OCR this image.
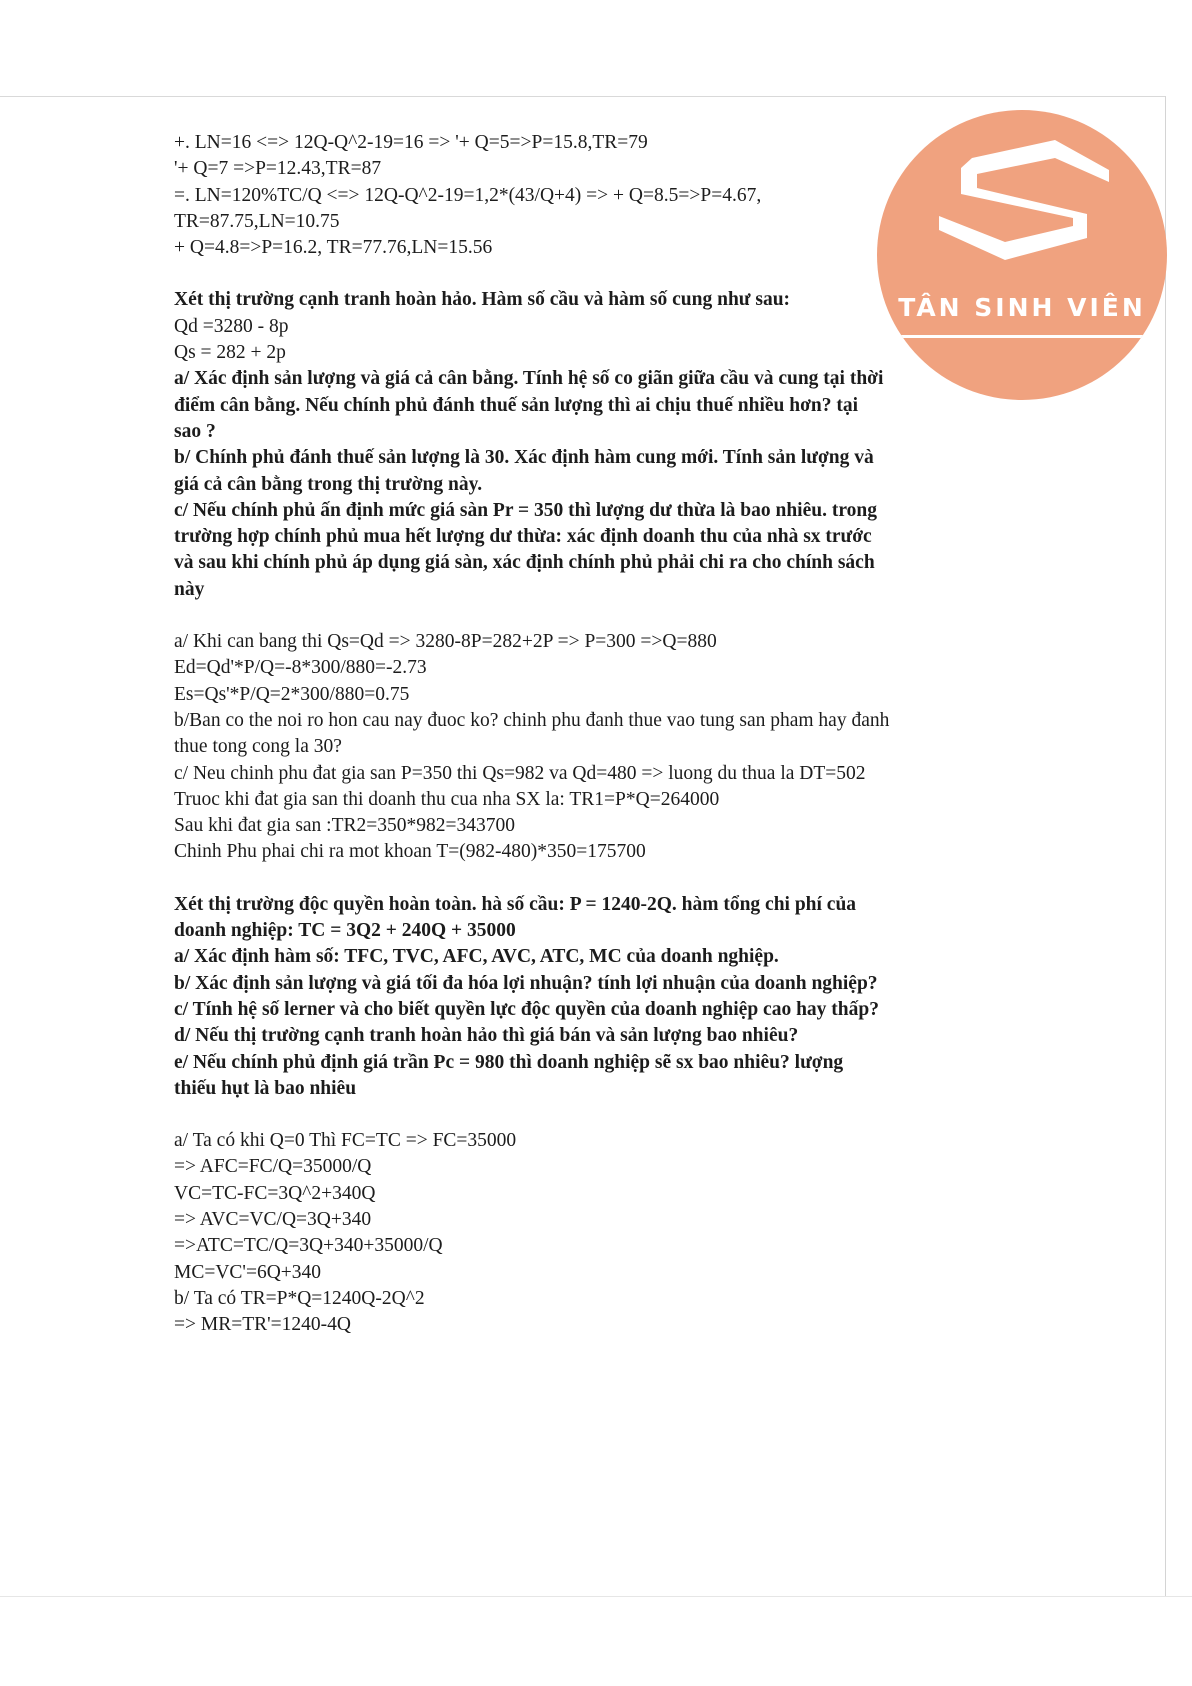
TÂN SINH VIÊN
+. LN=16 <=> 12Q-Q^2-19=16 => '+ Q=5=>P=15.8,TR=79
'+ Q=7 =>P=12.43,TR=87
=. LN=120%TC/Q <=> 12Q-Q^2-19=1,2*(43/Q+4) => + Q=8.5=>P=4.67,
TR=87.75,LN=10.75
+ Q=4.8=>P=16.2, TR=77.76,LN=15.56
Xét thị trường cạnh tranh hoàn hảo. Hàm số cầu và hàm số cung như sau:
Qd =3280 - 8p
Qs = 282 + 2p
a/ Xác định sản lượng và giá cả cân bằng. Tính hệ số co giãn giữa cầu và cung tại thời
điểm cân bằng. Nếu chính phủ đánh thuế sản lượng thì ai chịu thuế nhiều hơn? tại
sao ?
b/ Chính phủ đánh thuế sản lượng là 30. Xác định hàm cung mới. Tính sản lượng và
giá cả cân bằng trong thị trường này.
c/ Nếu chính phủ ấn định mức giá sàn Pr = 350 thì lượng dư thừa là bao nhiêu. trong
trường hợp chính phủ mua hết lượng dư thừa: xác định doanh thu của nhà sx trước
và sau khi chính phủ áp dụng giá sàn, xác định chính phủ phải chi ra cho chính sách
này
a/ Khi can bang thi Qs=Qd => 3280-8P=282+2P => P=300 =>Q=880
Ed=Qd'*P/Q=-8*300/880=-2.73
Es=Qs'*P/Q=2*300/880=0.75
b/Ban co the noi ro hon cau nay đuoc ko? chinh phu đanh thue vao tung san pham hay đanh
thue tong cong la 30?
c/ Neu chinh phu đat gia san P=350 thi Qs=982 va Qd=480 => luong du thua la DT=502
Truoc khi đat gia san thi doanh thu cua nha SX la: TR1=P*Q=264000
Sau khi đat gia san :TR2=350*982=343700
Chinh Phu phai chi ra mot khoan T=(982-480)*350=175700
Xét thị trường độc quyền hoàn toàn. hà số cầu: P = 1240-2Q. hàm tổng chi phí của
doanh nghiệp: TC = 3Q2 + 240Q + 35000
a/ Xác định hàm số: TFC, TVC, AFC, AVC, ATC, MC của doanh nghiệp.
b/ Xác định sản lượng và giá tối đa hóa lợi nhuận? tính lợi nhuận của doanh nghiệp?
c/ Tính hệ số lerner và cho biết quyền lực độc quyền của doanh nghiệp cao hay thấp?
d/ Nếu thị trường cạnh tranh hoàn hảo thì giá bán và sản lượng bao nhiêu?
e/ Nếu chính phủ định giá trần Pc = 980 thì doanh nghiệp sẽ sx bao nhiêu? lượng
thiếu hụt là bao nhiêu
a/ Ta có khi Q=0 Thì FC=TC => FC=35000
=> AFC=FC/Q=35000/Q
VC=TC-FC=3Q^2+340Q
=> AVC=VC/Q=3Q+340
=>ATC=TC/Q=3Q+340+35000/Q
MC=VC'=6Q+340
b/ Ta có TR=P*Q=1240Q-2Q^2
=> MR=TR'=1240-4Q
